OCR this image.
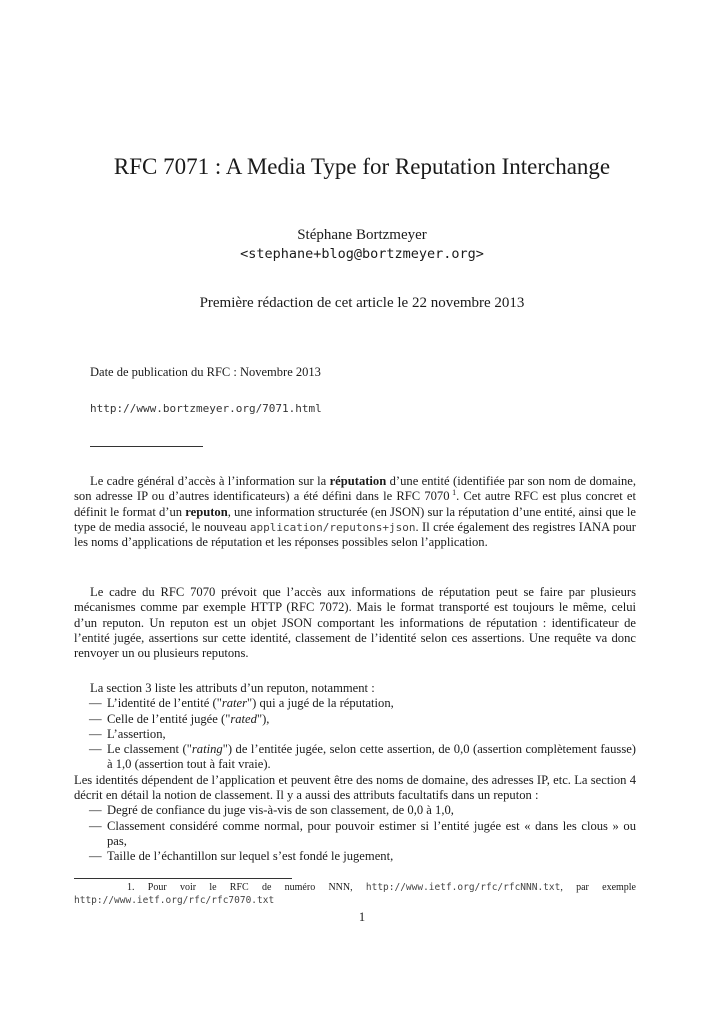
RFC 7071 : A Media Type for Reputation Interchange
Stéphane Bortzmeyer
<stephane+blog@bortzmeyer.org>
Première rédaction de cet article le 22 novembre 2013
Date de publication du RFC : Novembre 2013
http://www.bortzmeyer.org/7071.html

Le cadre général d’accès à l’information sur la réputation d’une entité (identifiée par son nom de domaine, son adresse IP ou d’autres identificateurs) a été défini dans le RFC 7070  $^1$. Cet autre RFC est plus concret et définit le format d’un reputon, une information structurée (en JSON) sur la réputation d’une entité, ainsi que le type de media associé, le nouveau application/reputons+json. Il crée également des registres IANA pour les noms d’applications de réputation et les réponses possibles selon l’application.

Le cadre du RFC 7070 prévoit que l’accès aux informations de réputation peut se faire par plusieurs mécanismes comme par exemple HTTP (RFC 7072). Mais le format transporté est toujours le même, celui d’un reputon. Un reputon est un objet JSON comportant les informations de réputation : identificateur de l’entité jugée, assertions sur cette identité, classement de l’identité selon ces assertions. Une requête va donc renvoyer un ou plusieurs reputons.

La section 3 liste les attributs d’un reputon, notamment :
— L’identité de l’entité ("rater") qui a jugé de la réputation,
— Celle de l’entité jugée ("rated"),
— L’assertion,
— Le classement ("rating") de l’entitée jugée, selon cette assertion, de 0,0 (assertion complètement fausse) à 1,0 (assertion tout à fait vraie).
Les identités dépendent de l’application et peuvent être des noms de domaine, des adresses IP, etc. La section 4 décrit en détail la notion de classement. Il y a aussi des attributs facultatifs dans un reputon :
— Degré de confiance du juge vis-à-vis de son classement, de 0,0 à 1,0,
— Classement considéré comme normal, pour pouvoir estimer si l’entité jugée est « dans les clous » ou pas,
— Taille de l’échantillon sur lequel s’est fondé le jugement,
1. Pour voir le RFC de numéro NNN, http://www.ietf.org/rfc/rfcNNN.txt, par exemple http://www.ietf.org/rfc/rfc7070.txt
1
